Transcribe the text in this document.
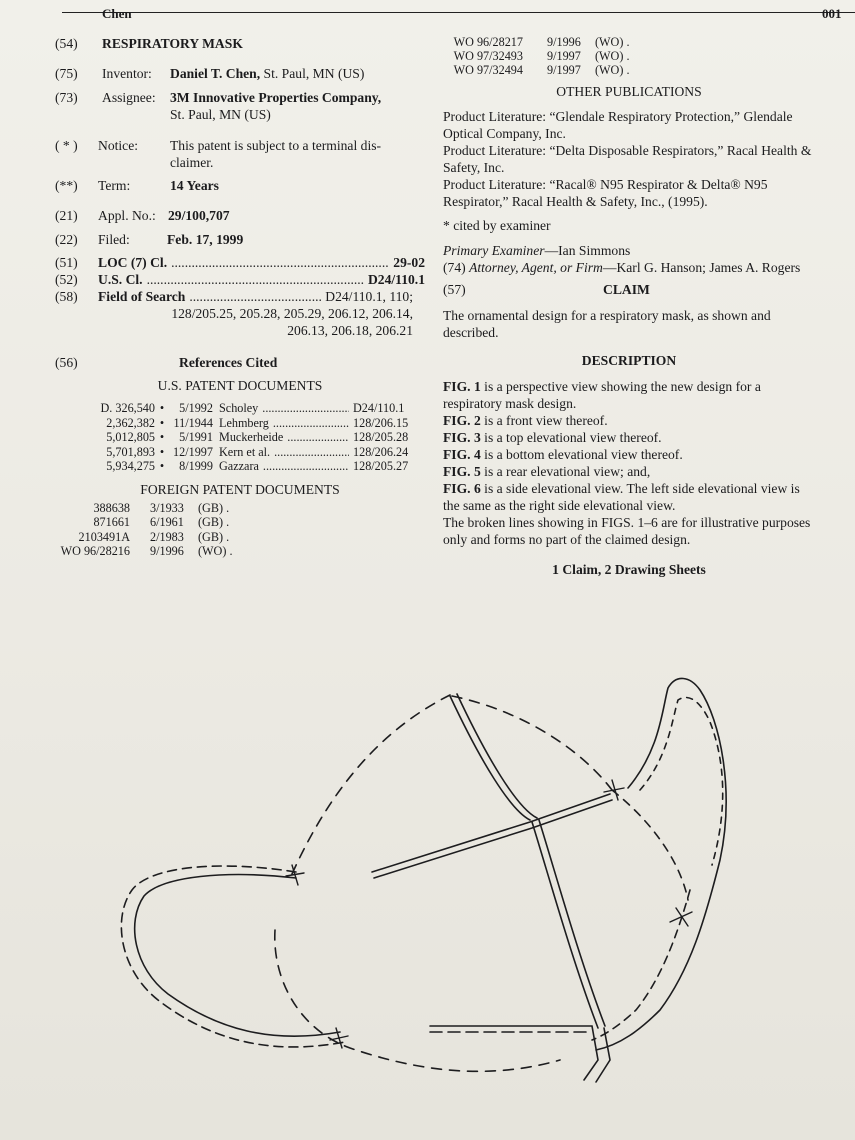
Chen	001
(54) RESPIRATORY MASK
(75) Inventor: Daniel T. Chen, St. Paul, MN (US)
(73) Assignee: 3M Innovative Properties Company,
St. Paul, MN (US)
( * ) Notice: This patent is subject to a terminal dis-
claimer.
(**) Term:	14 Years
(21) Appl. No.: 29/100,707
(22) Filed:	Feb. 17, 1999
(51) LOC (7) Cl. .....	29-02
(52) U.S. Cl. .....	D24/110.1
(58) Field of Search .....	D24/110.1, 110;
128/205.25, 205.28, 205.29, 206.12, 206.14,
206.13, 206.18, 206.21
(56)	References Cited
U.S. PATENT DOCUMENTS
D. 326,540 •	5/1992 Scholey .....	D24/110.1
2,362,382 • 11/1944 Lehmberg .....	128/206.15
5,012,805 •	5/1991 Muckerheide .....	128/205.28
5,701,893 • 12/1997 Kern et al. .....	128/206.24
5,934,275 •	8/1999 Gazzara .....	128/205.27
FOREIGN PATENT DOCUMENTS
388638 3/1933	(GB) .
871661 6/1961	(GB) .
2103491A 2/1983	(GB) .
WO 96/28216 9/1996	(WO) .
WO 96/28217 9/1996	(WO) .
WO 97/32493 9/1997	(WO) .
WO 97/32494 9/1997	(WO) .
OTHER PUBLICATIONS
Product Literature: “Glendale Respiratory Protection,” Glendale Optical Company, Inc.
Product Literature: “Delta Disposable Respirators,” Racal Health & Safety, Inc.
Product Literature: “Racal® N95 Respirator & Delta® N95 Respirator,” Racal Health & Safety, Inc., (1995).
* cited by examiner
Primary Examiner—Ian Simmons
(74) Attorney, Agent, or Firm—Karl G. Hanson; James A. Rogers
(57)	CLAIM
The ornamental design for a respiratory mask, as shown and described.
DESCRIPTION
FIG. 1 is a perspective view showing the new design for a respiratory mask design.
FIG. 2 is a front view thereof.
FIG. 3 is a top elevational view thereof.
FIG. 4 is a bottom elevational view thereof.
FIG. 5 is a rear elevational view; and,
FIG. 6 is a side elevational view. The left side elevational view is the same as the right side elevational view.
The broken lines showing in FIGS. 1–6 are for illustrative purposes only and forms no part of the claimed design.
1 Claim, 2 Drawing Sheets
